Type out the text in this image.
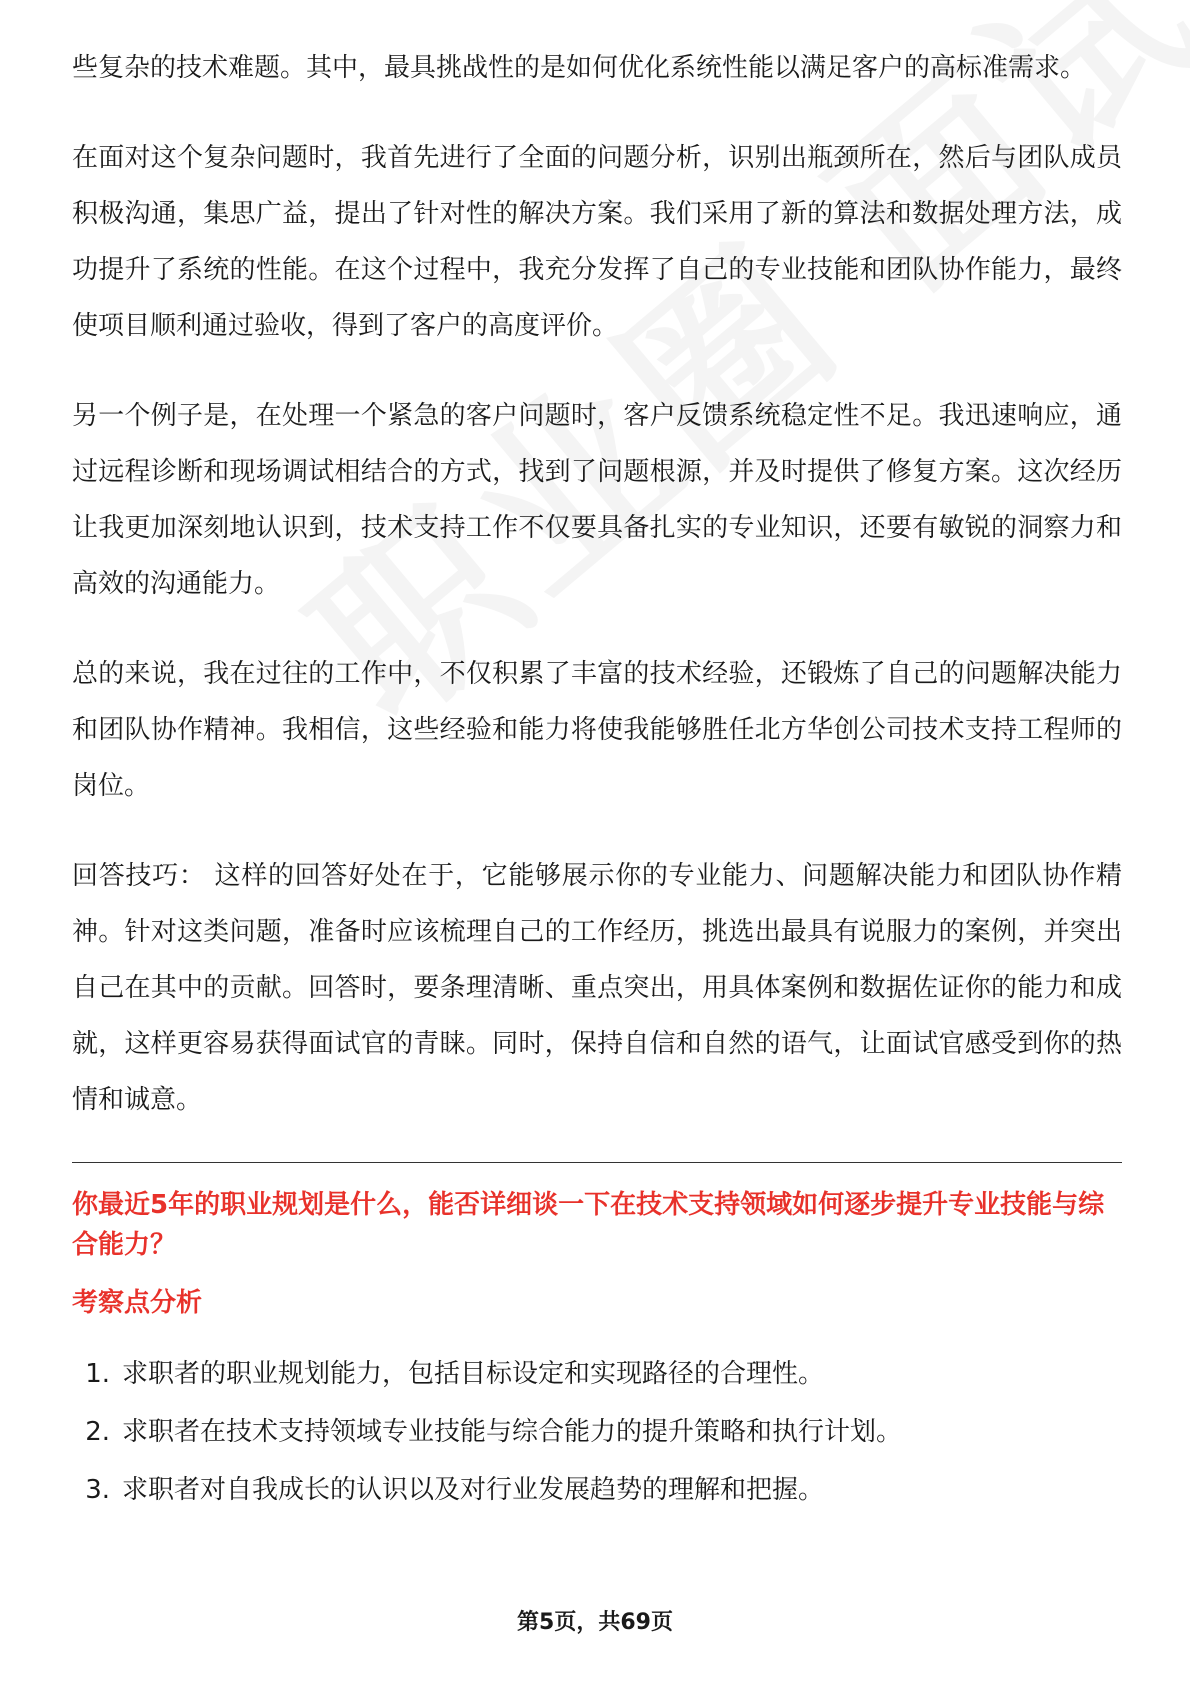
些复杂的技术难题。其中，最具挑战性的是如何优化系统性能以满足客户的高标准需求。

在面对这个复杂问题时，我首先进行了全面的问题分析，识别出瓶颈所在，然后与团队成员积极沟通，集思广益，提出了针对性的解决方案。我们采用了新的算法和数据处理方法，成功提升了系统的性能。在这个过程中，我充分发挥了自己的专业技能和团队协作能力，最终使项目顺利通过验收，得到了客户的高度评价。

另一个例子是，在处理一个紧急的客户问题时，客户反馈系统稳定性不足。我迅速响应，通过远程诊断和现场调试相结合的方式，找到了问题根源，并及时提供了修复方案。这次经历让我更加深刻地认识到，技术支持工作不仅要具备扎实的专业知识，还要有敏锐的洞察力和高效的沟通能力。

总的来说，我在过往的工作中，不仅积累了丰富的技术经验，还锻炼了自己的问题解决能力和团队协作精神。我相信，这些经验和能力将使我能够胜任北方华创公司技术支持工程师的岗位。

回答技巧： 这样的回答好处在于，它能够展示你的专业能力、问题解决能力和团队协作精神。针对这类问题，准备时应该梳理自己的工作经历，挑选出最具有说服力的案例，并突出自己在其中的贡献。回答时，要条理清晰、重点突出，用具体案例和数据佐证你的能力和成就，这样更容易获得面试官的青睐。同时，保持自信和自然的语气，让面试官感受到你的热情和诚意。

你最近5年的职业规划是什么，能否详细谈一下在技术支持领域如何逐步提升专业技能与综合能力？
考察点分析
1. 求职者的职业规划能力，包括目标设定和实现路径的合理性。
2. 求职者在技术支持领域专业技能与综合能力的提升策略和执行计划。
3. 求职者对自我成长的认识以及对行业发展趋势的理解和把握。
第5页，共69页
